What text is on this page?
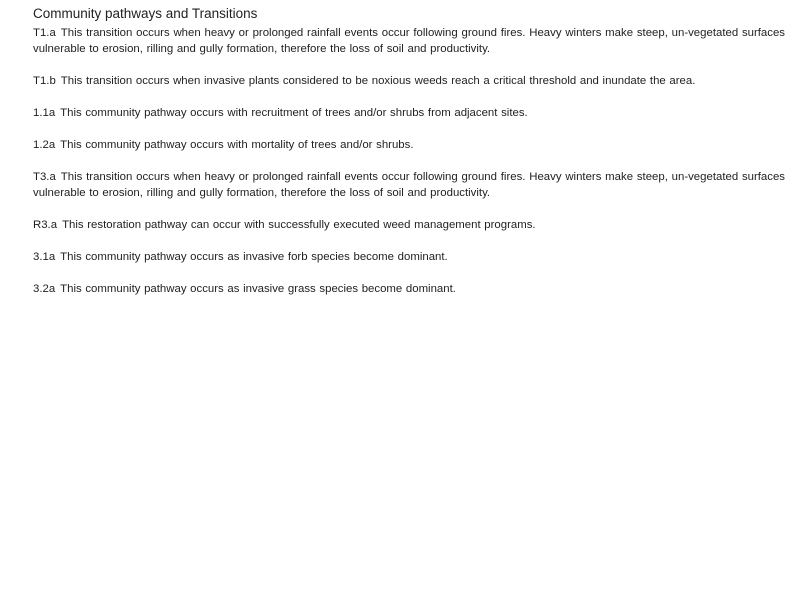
Community pathways and Transitions

T1.a This transition occurs when heavy or prolonged rainfall events occur following ground fires. Heavy winters make steep, un-vegetated surfaces vulnerable to erosion, rilling and gully formation, therefore the loss of soil and productivity.

T1.b This transition occurs when invasive plants considered to be noxious weeds reach a critical threshold and inundate the area.

1.1a This community pathway occurs with recruitment of trees and/or shrubs from adjacent sites.

1.2a This community pathway occurs with mortality of trees and/or shrubs.

T3.a This transition occurs when heavy or prolonged rainfall events occur following ground fires. Heavy winters make steep, un-vegetated surfaces vulnerable to erosion, rilling and gully formation, therefore the loss of soil and productivity.

R3.a This restoration pathway can occur with successfully executed weed management programs.

3.1a This community pathway occurs as invasive forb species become dominant.

3.2a This community pathway occurs as invasive grass species become dominant.
